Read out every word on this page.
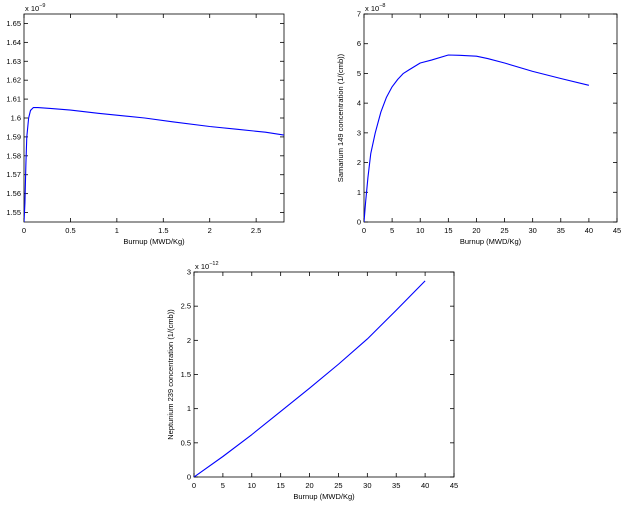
0	0.5	1	1.5	2	2.5
1.55
1.56
1.57
1.58
1.59
1.6
1.61
1.62
1.63
1.64
1.65
x $10^{-9}$
Burnup (MWD/Kg)
0	5	10	15	20	25	30	35	40	45
0
1
2
3
4
5
6
7
x $10^{-8}$
Burnup (MWD/Kg)
Samarium 149 concentration (1/(cmb))
0	5	10	15	20	25	30	35	40	45
0
0.5
1
1.5
2
2.5
3
x $10^{-12}$
Burnup (MWD/Kg)
Neptunium 239 concentration (1/(cmb))
